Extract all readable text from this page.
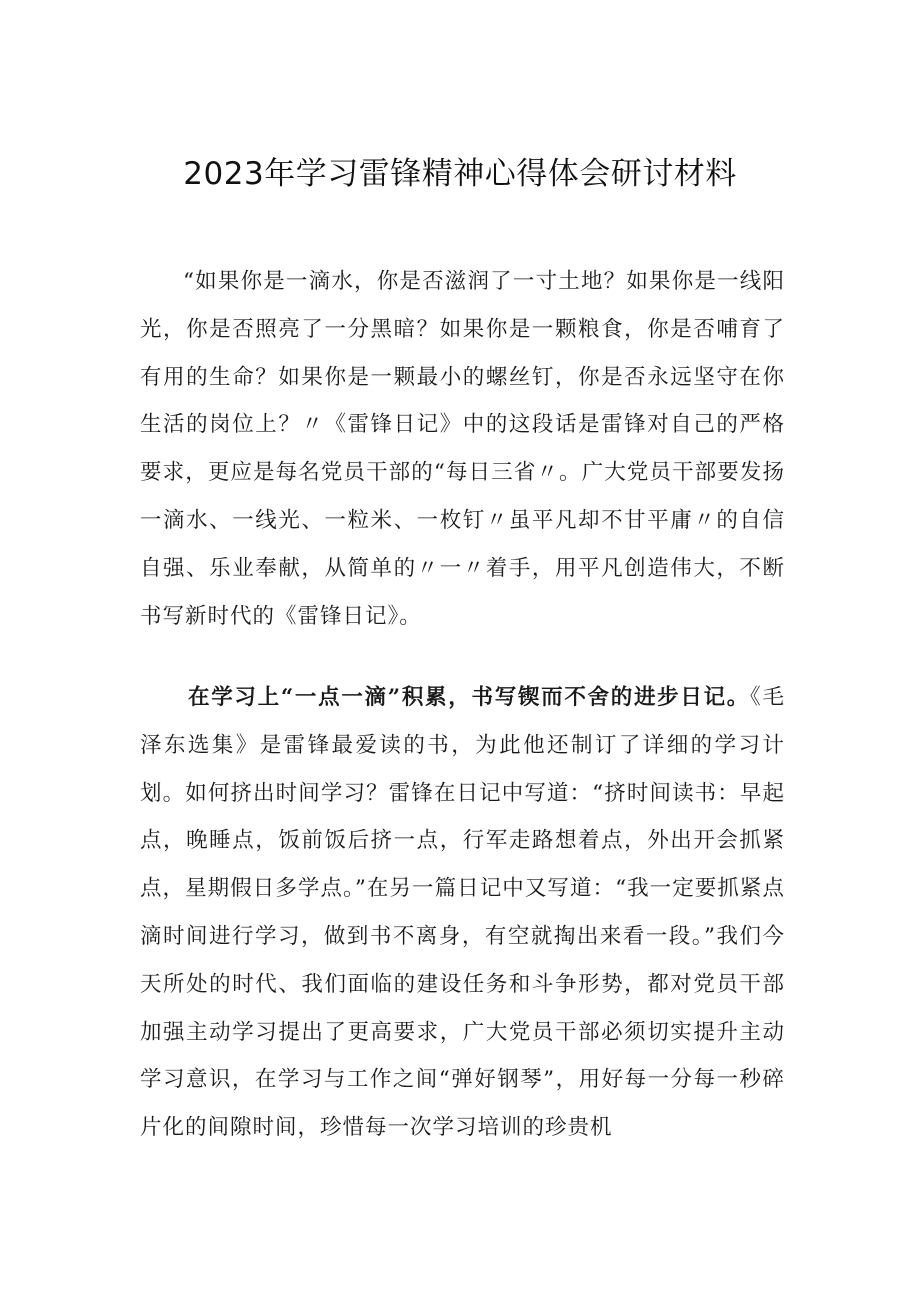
2023年学习雷锋精神心得体会研讨材料

“如果你是一滴水，你是否滋润了一寸土地？如果你是一线阳光，你是否照亮了一分黑暗？如果你是一颗粮食，你是否哺育了有用的生命？如果你是一颗最小的螺丝钉，你是否永远坚守在你生活的岗位上？〃《雷锋日记》中的这段话是雷锋对自己的严格要求，更应是每名党员干部的“每日三省〃。广大党员干部要发扬一滴水、一线光、一粒米、一枚钉〃虽平凡却不甘平庸〃的自信自强、乐业奉献，从简单的〃一〃着手，用平凡创造伟大，不断书写新时代的《雷锋日记》。

在学习上“一点一滴”积累，书写锲而不舍的进步日记。《毛泽东选集》是雷锋最爱读的书，为此他还制订了详细的学习计划。如何挤出时间学习？雷锋在日记中写道：“挤时间读书：早起点，晚睡点，饭前饭后挤一点，行军走路想着点，外出开会抓紧点，星期假日多学点。”在另一篇日记中又写道：“我一定要抓紧点滴时间进行学习，做到书不离身，有空就掏出来看一段。”我们今天所处的时代、我们面临的建设任务和斗争形势，都对党员干部加强主动学习提出了更高要求，广大党员干部必须切实提升主动学习意识，在学习与工作之间“弹好钢琴”，用好每一分每一秒碎片化的间隙时间，珍惜每一次学习培训的珍贵机
